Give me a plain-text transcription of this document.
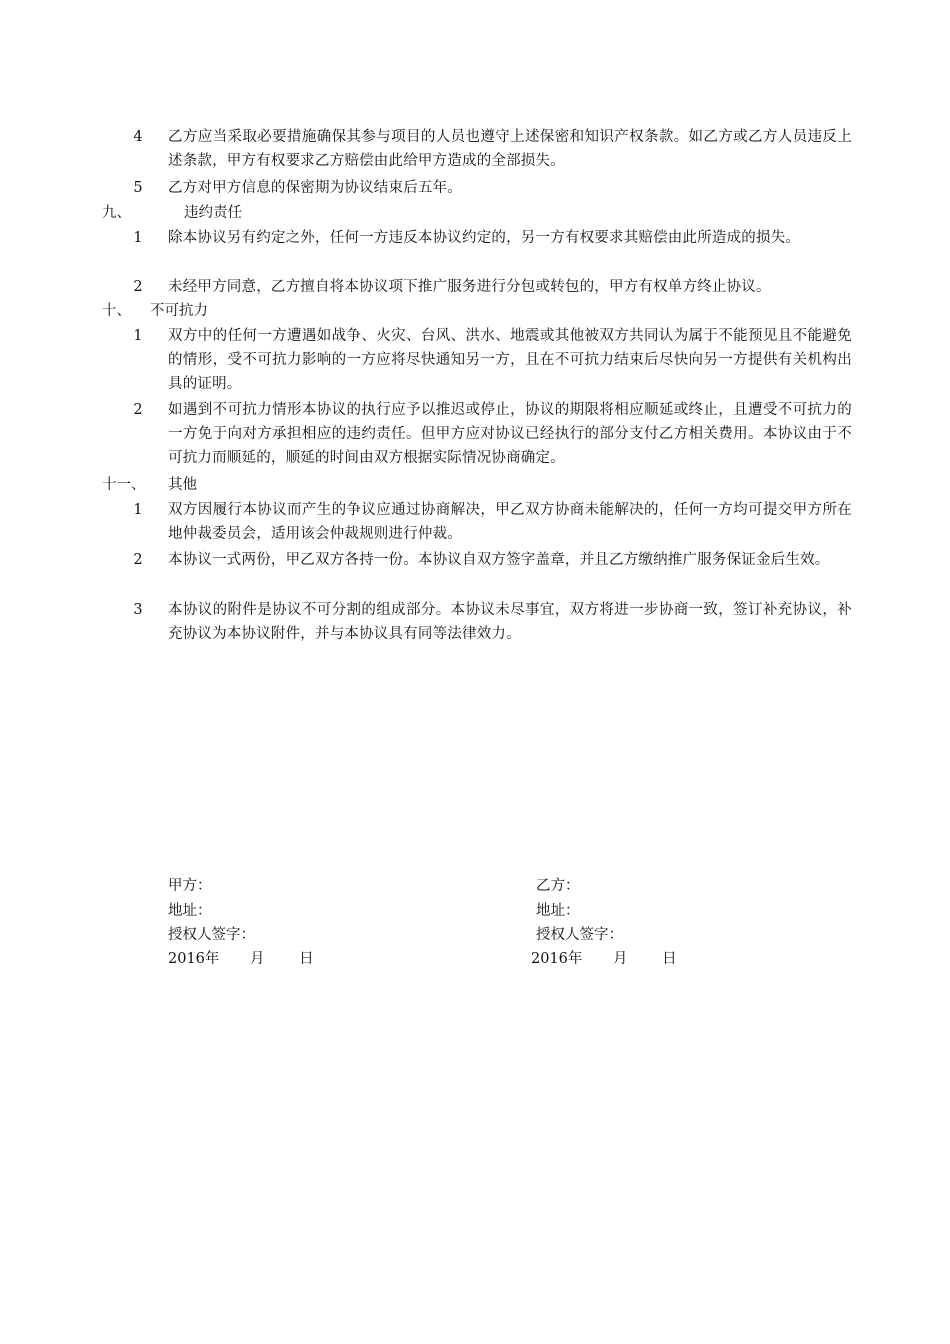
4 乙方应当采取必要措施确保其参与项目的人员也遵守上述保密和知识产权条款。如乙方或乙方人员违反上述条款，甲方有权要求乙方赔偿由此给甲方造成的全部损失。
5 乙方对甲方信息的保密期为协议结束后五年。
九、	违约责任
1 除本协议另有约定之外，任何一方违反本协议约定的，另一方有权要求其赔偿由此所造成的损失。
2 未经甲方同意，乙方擅自将本协议项下推广服务进行分包或转包的，甲方有权单方终止协议。
十、 不可抗力
1 双方中的任何一方遭遇如战争、火灾、台风、洪水、地震或其他被双方共同认为属于不能预见且不能避免的情形，受不可抗力影响的一方应将尽快通知另一方，且在不可抗力结束后尽快向另一方提供有关机构出具的证明。
2 如遇到不可抗力情形本协议的执行应予以推迟或停止，协议的期限将相应顺延或终止，且遭受不可抗力的一方免于向对方承担相应的违约责任。但甲方应对协议已经执行的部分支付乙方相关费用。本协议由于不可抗力而顺延的，顺延的时间由双方根据实际情况协商确定。
十一、 其他
1 双方因履行本协议而产生的争议应通过协商解决，甲乙双方协商未能解决的，任何一方均可提交甲方所在地仲裁委员会，适用该会仲裁规则进行仲裁。
2 本协议一式两份，甲乙双方各持一份。本协议自双方签字盖章，并且乙方缴纳推广服务保证金后生效。
3 本协议的附件是协议不可分割的组成部分。本协议未尽事宜，双方将进一步协商一致，签订补充协议，补充协议为本协议附件，并与本协议具有同等法律效力。
甲方：
地址：
授权人签字：
2016年 月 日
乙方：
地址：
授权人签字：
2016年 月 日
